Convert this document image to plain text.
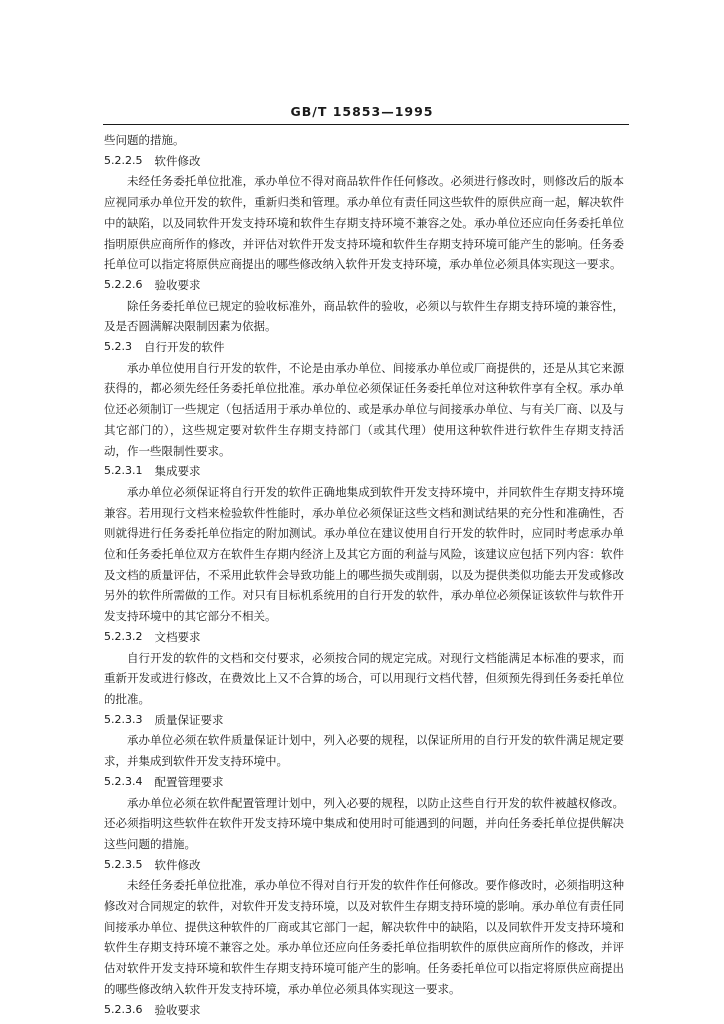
GB/T 15853—1995

些问题的措施。

5.2.2.5 软件修改

未经任务委托单位批准，承办单位不得对商品软件作任何修改。必须进行修改时，则修改后的版本应视同承办单位开发的软件，重新归类和管理。承办单位有责任同这些软件的原供应商一起，解决软件中的缺陷，以及同软件开发支持环境和软件生存期支持环境不兼容之处。承办单位还应向任务委托单位指明原供应商所作的修改，并评估对软件开发支持环境和软件生存期支持环境可能产生的影响。任务委托单位可以指定将原供应商提出的哪些修改纳入软件开发支持环境，承办单位必须具体实现这一要求。

5.2.2.6 验收要求

除任务委托单位已规定的验收标准外，商品软件的验收，必须以与软件生存期支持环境的兼容性，及是否圆满解决限制因素为依据。

5.2.3 自行开发的软件

承办单位使用自行开发的软件，不论是由承办单位、间接承办单位或厂商提供的，还是从其它来源获得的，都必须先经任务委托单位批准。承办单位必须保证任务委托单位对这种软件享有全权。承办单位还必须制订一些规定（包括适用于承办单位的、或是承办单位与间接承办单位、与有关厂商、以及与其它部门的），这些规定要对软件生存期支持部门（或其代理）使用这种软件进行软件生存期支持活动，作一些限制性要求。

5.2.3.1 集成要求

承办单位必须保证将自行开发的软件正确地集成到软件开发支持环境中，并同软件生存期支持环境兼容。若用现行文档来检验软件性能时，承办单位必须保证这些文档和测试结果的充分性和准确性，否则就得进行任务委托单位指定的附加测试。承办单位在建议使用自行开发的软件时，应同时考虑承办单位和任务委托单位双方在软件生存期内经济上及其它方面的利益与风险，该建议应包括下列内容：软件及文档的质量评估，不采用此软件会导致功能上的哪些损失或削弱，以及为提供类似功能去开发或修改另外的软件所需做的工作。对只有目标机系统用的自行开发的软件，承办单位必须保证该软件与软件开发支持环境中的其它部分不相关。

5.2.3.2 文档要求

自行开发的软件的文档和交付要求，必须按合同的规定完成。对现行文档能满足本标准的要求，而重新开发或进行修改，在费效比上又不合算的场合，可以用现行文档代替，但须预先得到任务委托单位的批准。

5.2.3.3 质量保证要求

承办单位必须在软件质量保证计划中，列入必要的规程，以保证所用的自行开发的软件满足规定要求，并集成到软件开发支持环境中。

5.2.3.4 配置管理要求

承办单位必须在软件配置管理计划中，列入必要的规程，以防止这些自行开发的软件被越权修改。还必须指明这些软件在软件开发支持环境中集成和使用时可能遇到的问题，并向任务委托单位提供解决这些问题的措施。

5.2.3.5 软件修改

未经任务委托单位批准，承办单位不得对自行开发的软件作任何修改。要作修改时，必须指明这种修改对合同规定的软件，对软件开发支持环境，以及对软件生存期支持环境的影响。承办单位有责任同间接承办单位、提供这种软件的厂商或其它部门一起，解决软件中的缺陷，以及同软件开发支持环境和软件生存期支持环境不兼容之处。承办单位还应向任务委托单位指明软件的原供应商所作的修改，并评估对软件开发支持环境和软件生存期支持环境可能产生的影响。任务委托单位可以指定将原供应商提出的哪些修改纳入软件开发支持环境，承办单位必须具体实现这一要求。

5.2.3.6 验收要求
